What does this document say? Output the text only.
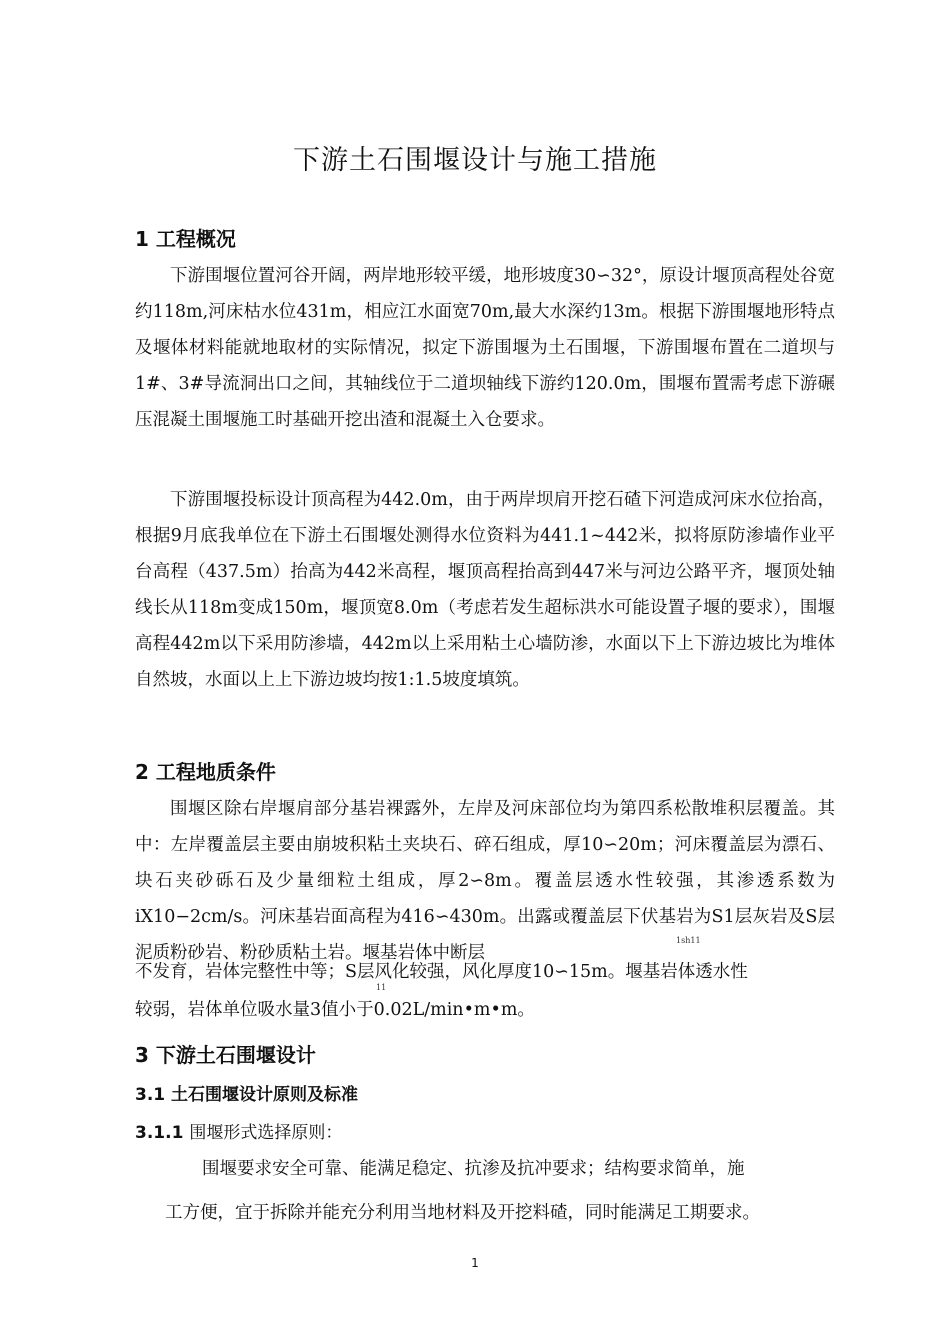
下游土石围堰设计与施工措施
1 工程概况

下游围堰位置河谷开阔，两岸地形较平缓，地形坡度30∽32°，原设计堰顶高程处谷宽约118m,河床枯水位431m，相应江水面宽70m,最大水深约13m。根据下游围堰地形特点及堰体材料能就地取材的实际情况，拟定下游围堰为土石围堰，下游围堰布置在二道坝与1#、3#导流洞出口之间，其轴线位于二道坝轴线下游约120.0m，围堰布置需考虑下游碾压混凝土围堰施工时基础开挖出渣和混凝土入仓要求。

下游围堰投标设计顶高程为442.0m，由于两岸坝肩开挖石碴下河造成河床水位抬高，根据9月底我单位在下游土石围堰处测得水位资料为441.1~442米，拟将原防渗墙作业平台高程（437.5m）抬高为442米高程，堰顶高程抬高到447米与河边公路平齐，堰顶处轴线长从118m变成150m，堰顶宽8.0m（考虑若发生超标洪水可能设置子堰的要求），围堰高程442m以下采用防渗墙，442m以上采用粘土心墙防渗，水面以下上下游边坡比为堆体自然坡，水面以上上下游边坡均按1:1.5坡度填筑。

2 工程地质条件

围堰区除右岸堰肩部分基岩裸露外，左岸及河床部位均为第四系松散堆积层覆盖。其中：左岸覆盖层主要由崩坡积粘土夹块石、碎石组成，厚10∽20m；河床覆盖层为漂石、块石夹砂砾石及少量细粒土组成，厚2∽8m。覆盖层透水性较强，其渗透系数为iX10−2cm/s。河床基岩面高程为416∽430m。出露或覆盖层下伏基岩为S1层灰岩及S层泥质粉砂岩、粉砂质粘土岩。堰基岩体中断层

1sh11
不发育，岩体完整性中等；S层风化较强，风化厚度10∽15m。堰基岩体透水性
11
较弱，岩体单位吸水量3值小于0.02L/min•m•m。
3 下游土石围堰设计
3.1 土石围堰设计原则及标准
3.1.1 围堰形式选择原则：
围堰要求安全可靠、能满足稳定、抗渗及抗冲要求；结构要求简单，施
工方便，宜于拆除并能充分利用当地材料及开挖料碴，同时能满足工期要求。
1
